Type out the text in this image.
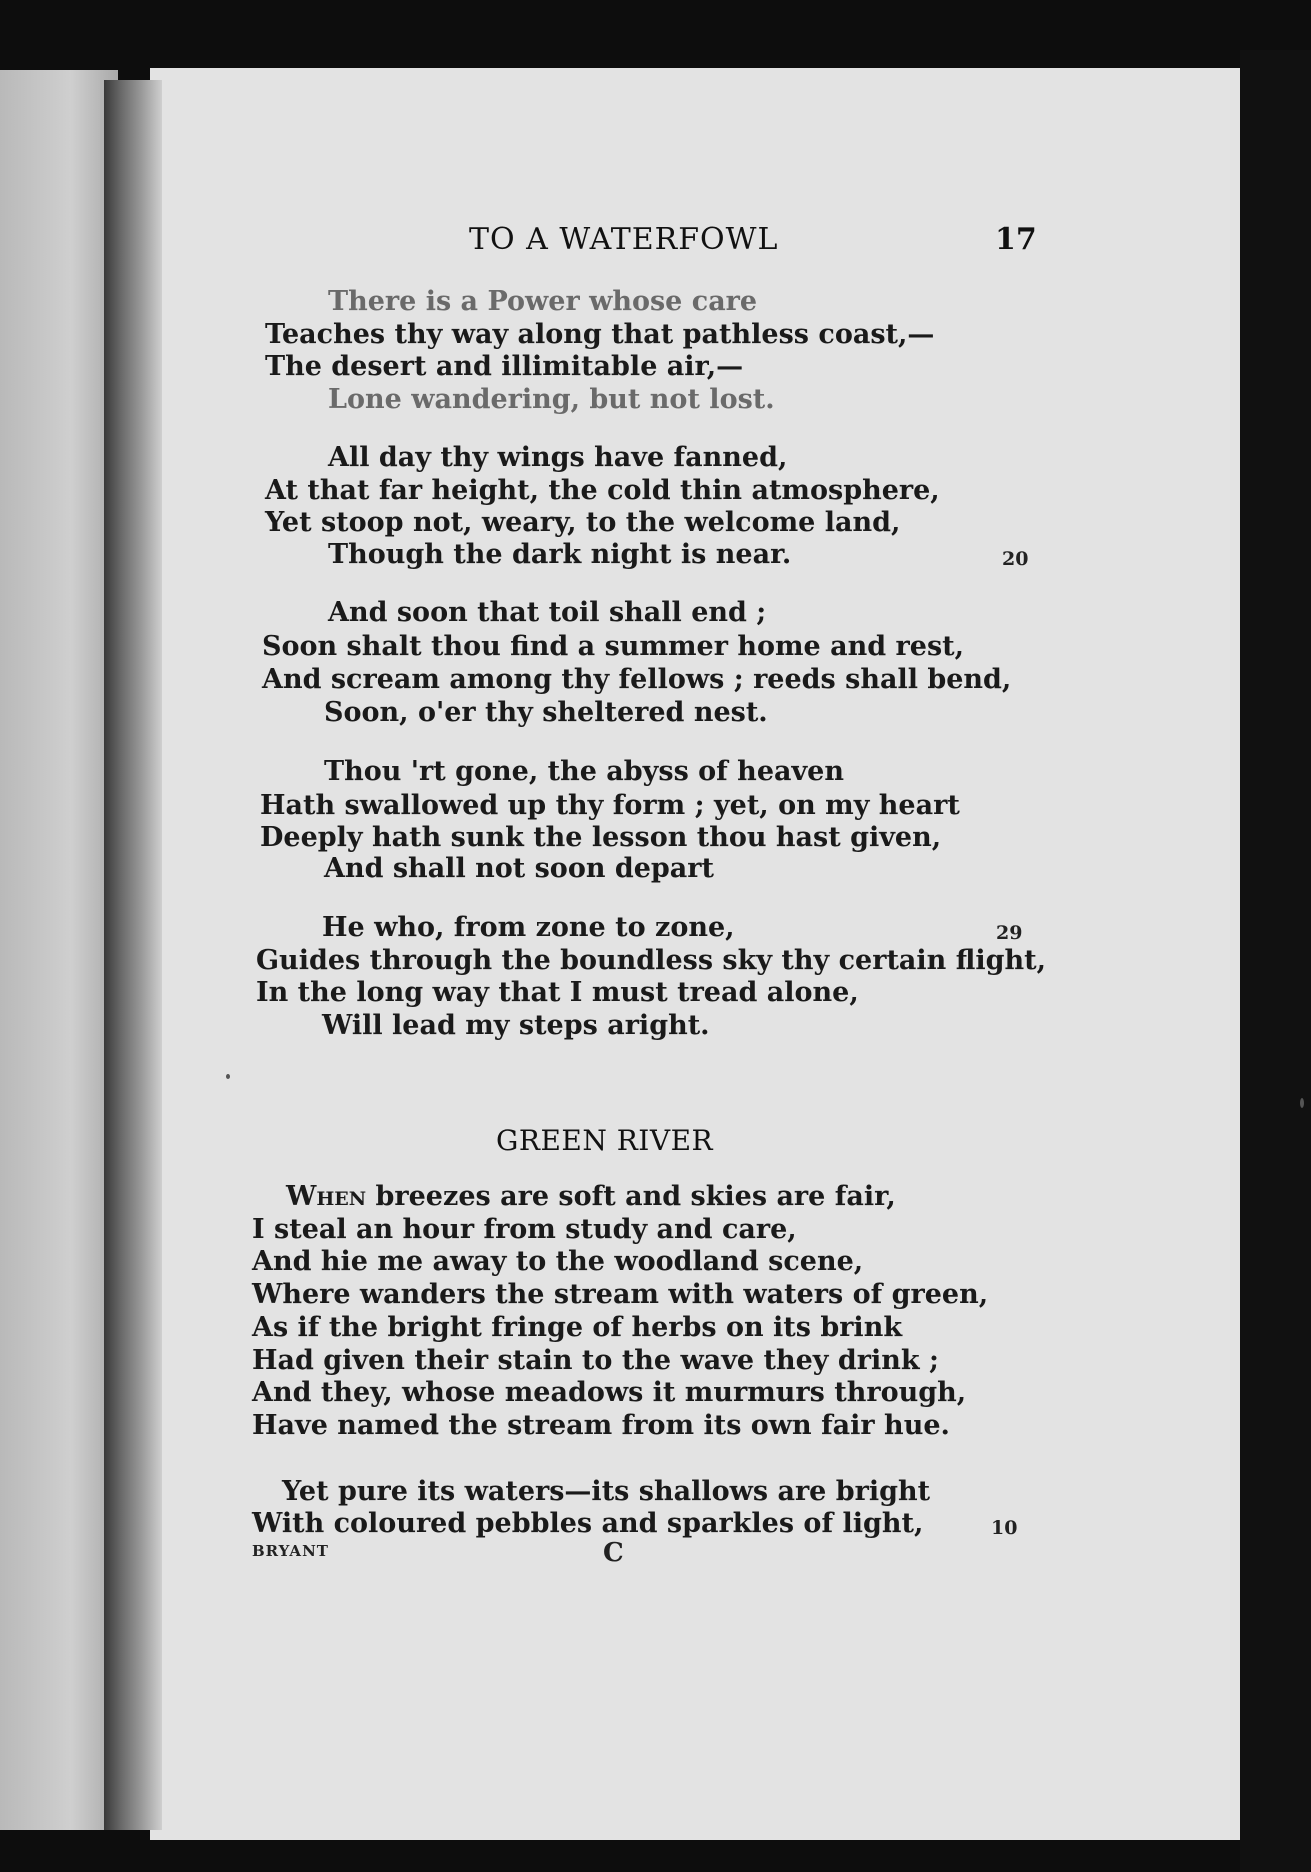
TO A WATERFOWL	17
There is a Power whose care
Teaches thy way along that pathless coast,—
The desert and illimitable air,—
Lone wandering, but not lost.
All day thy wings have fanned,
At that far height, the cold thin atmosphere,
Yet stoop not, weary, to the welcome land,
Though the dark night is near.	20
And soon that toil shall end ;
Soon shalt thou find a summer home and rest,
And scream among thy fellows ; reeds shall bend,
Soon, o'er thy sheltered nest.
Thou 'rt gone, the abyss of heaven
Hath swallowed up thy form ; yet, on my heart
Deeply hath sunk the lesson thou hast given,
And shall not soon depart
He who, from zone to zone,	29
Guides through the boundless sky thy certain flight,
In the long way that I must tread alone,
Will lead my steps aright.
GREEN RIVER
When breezes are soft and skies are fair,
I steal an hour from study and care,
And hie me away to the woodland scene,
Where wanders the stream with waters of green,
As if the bright fringe of herbs on its brink
Had given their stain to the wave they drink ;
And they, whose meadows it murmurs through,
Have named the stream from its own fair hue.
Yet pure its waters—its shallows are bright
With coloured pebbles and sparkles of light,	10
BRYANT	C
